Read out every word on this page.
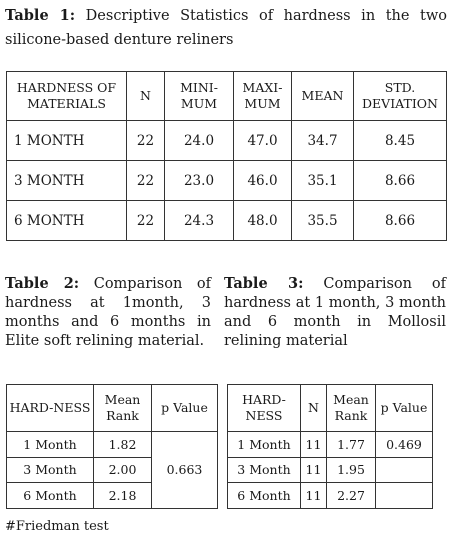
Table 1: Descriptive Statistics of hardness in the two silicone-based denture reliners
HARDNESS OF MATERIALS	N	MINI-MUM	MAXI-MUM	MEAN	STD. DEVIATION
1 MONTH	22	24.0	47.0	34.7	8.45
3 MONTH	22	23.0	46.0	35.1	8.66
6 MONTH	22	24.3	48.0	35.5	8.66
Table 2: Comparison of hardness at 1month, 3 months and 6 months in Elite soft relining material.
Table 3: Comparison of hardness at 1 month, 3 month and 6 month in Mollosil relining material
HARD-NESS	Mean Rank	p Value
1 Month	1.82	0.663
3 Month	2.00	
6 Month	2.18	
HARD-NESS	N	Mean Rank	p Value
1 Month	11	1.77	0.469
3 Month	11	1.95	
6 Month	11	2.27	
#Friedman test
